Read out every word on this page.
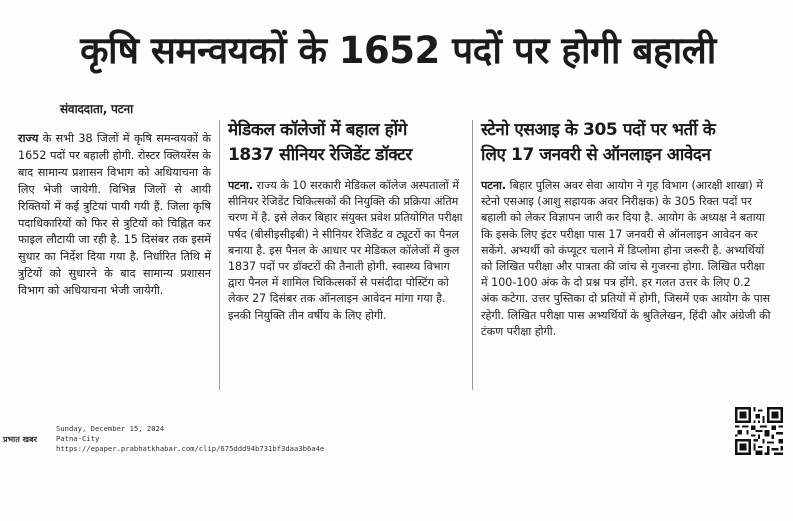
कृषि समन्वयकों के 1652 पदों पर होगी बहाली
संवाददाता, पटना
राज्य के सभी 38 जिलों में कृषि समन्वयकों के 1652 पदों पर बहाली होगी. रोस्टर क्लियरेंस के बाद सामान्य प्रशासन विभाग को अधियाचना के लिए भेजी जायेगी. विभिन्न जिलों से आयी रिक्तियों में कई त्रुटियां पायी गयी हैं. जिला कृषि पदाधिकारियों को फिर से त्रुटियों को चिह्नित कर फाइल लौटायी जा रही है. 15 दिसंबर तक इसमें सुधार का निर्देश दिया गया है. निर्धारित तिथि में त्रुटियों को सुधारने के बाद सामान्य प्रशासन विभाग को अधियाचना भेजी जायेगी.
मेडिकल कॉलेजों में बहाल होंगे
1837 सीनियर रेजिडेंट डॉक्टर
पटना. राज्य के 10 सरकारी मेडिकल कॉलेज अस्पतालों में सीनियर रेजिडेंट चिकित्सकों की नियुक्ति की प्रक्रिया अंतिम चरण में है. इसे लेकर बिहार संयुक्त प्रवेश प्रतियोगित परीक्षा पर्षद (बीसीइसीइबी) ने सीनियर रेजिडेंट व ट्यूटरों का पैनल बनाया है. इस पैनल के आधार पर मेडिकल कॉलेजों में कुल 1837 पदों पर डॉक्टरों की तैनाती होगी. स्वास्थ्य विभाग द्वारा पैनल में शामिल चिकित्सकों से पसंदीदा पोस्टिंग को लेकर 27 दिसंबर तक ऑनलाइन आवेदन मांगा गया है. इनकी नियुक्ति तीन वर्षीय के लिए होगी.
स्टेनो एसआइ के 305 पदों पर भर्ती के
लिए 17 जनवरी से ऑनलाइन आवेदन
पटना. बिहार पुलिस अवर सेवा आयोग ने गृह विभाग (आरक्षी शाखा) में स्टेनो एसआइ (आशु सहायक अवर निरीक्षक) के 305 रिक्त पदों पर बहाली को लेकर विज्ञापन जारी कर दिया है. आयोग के अध्यक्ष ने बताया कि इसके लिए इंटर परीक्षा पास 17 जनवरी से ऑनलाइन आवेदन कर सकेंगे. अभ्यर्थी को कंप्यूटर चलाने में डिप्लोमा होना जरूरी है. अभ्यर्थियों को लिखित परीक्षा और पात्रता की जांच से गुजरना होगा. लिखित परीक्षा में 100-100 अंक के दो प्रश्न पत्र होंगे. हर गलत उत्तर के लिए 0.2 अंक कटेगा. उत्तर पुस्तिका दो प्रतियों में होगी, जिसमें एक आयोग के पास रहेगी. लिखित परीक्षा पास अभ्यर्थियों के श्रुतिलेखन, हिंदी और अंग्रेजी की टंकण परीक्षा होगी.
प्रभात खबर
Sunday, December 15, 2024
Patna-City
https://epaper.prabhatkhabar.com/clip/675ddd94b731bf3daa3b6a4e
